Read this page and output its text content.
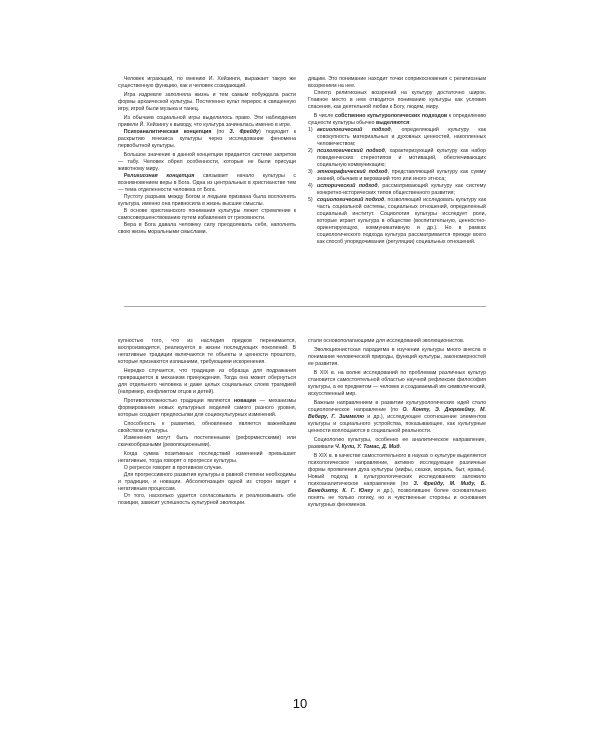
Человек играющий, по мнению Й. Хейзинги, выражает такую же существенную функцию, как и человек созидающий.

Игра издревле заполняла жизнь и тем самым побуждала расти формы архаической культуры. Постепенно культ перерос в священную игру, игрой были музыка и танец.

Из обычаев социальной игры выделилось право. Эти наблюдения привели Й. Хейзингу к выводу, что культура зачиналась именно в игре.

Психоаналитическая концепция (по З. Фрейду) подходит к раскрытию генезиса культуры через исследование феномена первобытной культуры.

Большое значение в данной концепции придается системе запретов — табу. Человек обрел особенности, которые не были присущи животному миру.

Религиозная концепция связывает начало культуры с возникновением веры в Бога. Одна из центральных в христианстве тем — тема отделенности человека от Бога.

Пустоту разрыва между Богом и людьми призвана была восполнять культура, именно она привносила в жизнь высшие смыслы.

В основе христианского понимания культуры лежит стремление к самосовершенствованию путем избавления от греховности.

Вера в Бога давала человеку силу преодолевать себя, наполнять свою жизнь моральными смыслами.

дящим. Это понимание находит точки соприкосновения с религиозным воззрением на нее.

Спектр религиозных воззрений на культуру достаточно широк. Главное место в нем отводится пониманию культуры как условия спасения, как деятельной любви к Богу, людям, миру.

В числе собственно культурологических подходов к определению сущности культуры обычно выделяются:

1) аксиологический подход, определяющий культуру как совокупность материальных и духовных ценностей, накопленных человечеством;
2) психологический подход, характеризующий культуру как набор поведенческих стереотипов и мотиваций, обеспечивающих социальную коммуникацию;
3) этнографический подход, представляющий культуру как сумму знаний, обычаев и верований того или иного этноса;
4) исторический подход, рассматривающий культуру как систему конкретно-исторических типов общественного развития;
5) социологический подход, позволяющий исследовать культуру как часть социальной системы, социальных отношений, определенный социальный институт. Социология культуры исследует роли, которые играет культура в обществе (воспитательную, ценностно-ориентирующую, коммуникативную и др.). Но в рамках социологического подхода культура рассматривается прежде всего как способ упорядочивания (регуляции) социальных отношений.

купностью того, что из наследия предков перенимается, воспроизводится, реализуется в жизни последующих поколений. В негативные традиции включаются те объекты и ценности прошлого, которые признаются излишними, требующими искоренения.

Нередко случается, что традиция из образца для подражания превращается в механизм принуждения. Тогда она может обернуться для отдельного человека и даже целых социальных слоев трагедией (например, конфликтом отцов и детей).

Противоположностью традиции являются новации — механизмы формирования новых культурных моделей самого разного уровня, которые создают предпосылки для социокультурных изменений.

Способность к развитию, обновлению является важнейшим свойством культуры.

Изменения могут быть постепенными (реформистскими) или скачкообразными (революционными).

Когда сумма позитивных последствий изменений превышает негативные, тогда говорят о прогрессе культуры.

О регрессе говорят в противном случае.

Для прогрессивного развития культуры в равной степени необходимы и традиции, и новации. Абсолютизация одной из сторон ведет к негативным процессам.

От того, насколько удается согласовывать и реализовывать обе позиции, зависит успешность культурной эволюции.

стали основополагающими для исследований эволюционистов.

Эволюционистская парадигма в изучении культуры много внесла в понимание человеческой природы, функций культуры, закономерностей ее развития.

В XIX в. на волне исследований по проблемам различных культур становится самостоятельной областью научной рефлексии философия культуры, а ее предметом — человек и создаваемый им символический, искусственный мир.

Важным направлением в развитии культурологических идей стало социологическое направление (по О. Конту, Э. Дюркгейму, М. Веберу, Г. Зиммелю и др.), исследующее соотношение элементов культуры и социального устройства, показывающее, как культурные ценности воплощаются в социальной реальности.

Социологию культуры, особенно ее аналитическое направление, развивали Ч. Кули, У. Томас, Д. Мид.

В XIX в. в качестве самостоятельного в науках о культуре выделяется психологическое направление, активно исследующее различные формы проявления духа культуры (мифы, сказки, мораль, быт, нравы). Новый подход в культурологических исследованиях заложило психоаналитическое направление (по З. Фрейду, М. Миду, Б. Бенедикту, К. Г. Юнгу и др.), позволившее более основательно понять не только логику, но и чувственные стороны и основания культурных феноменов.

10
